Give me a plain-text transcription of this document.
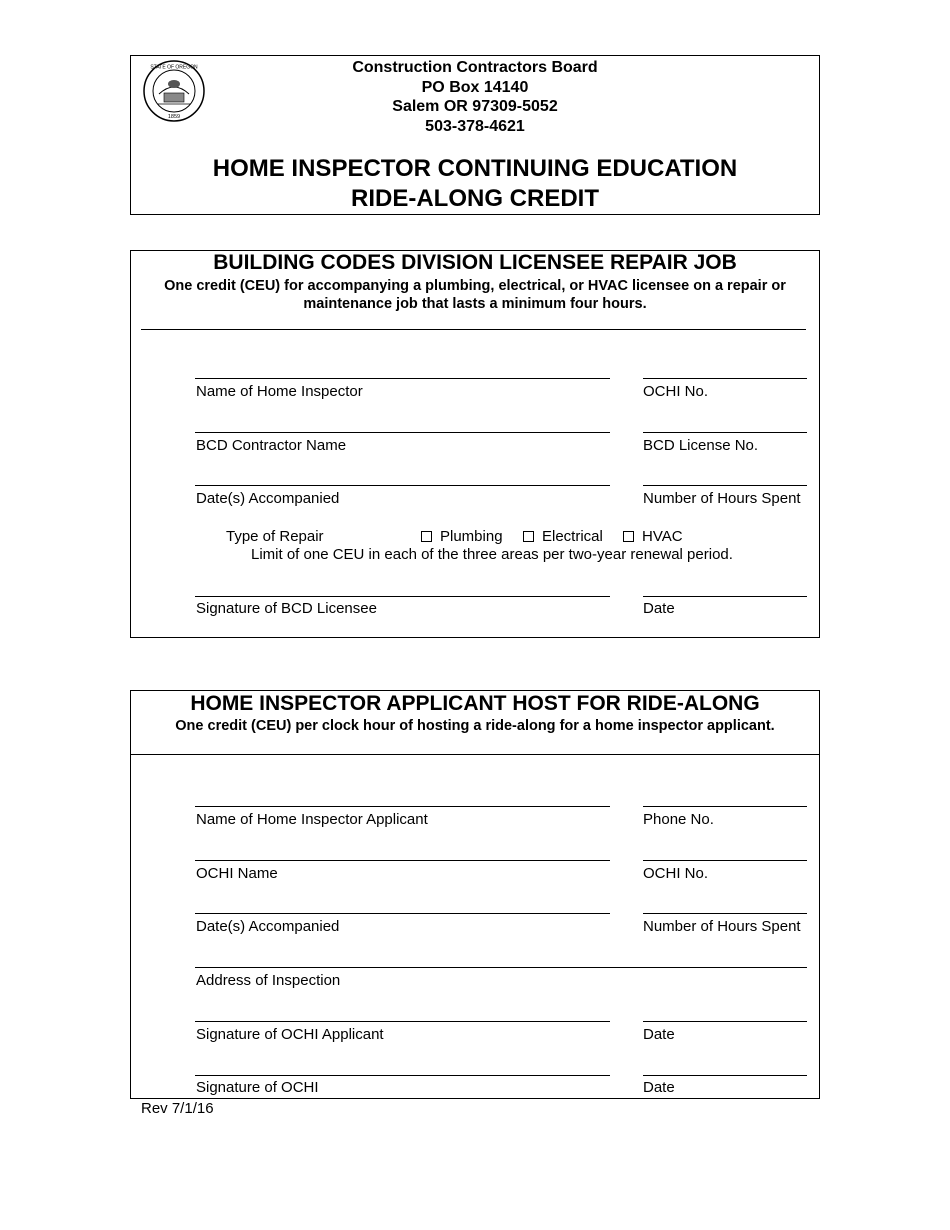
STATE OF OREGON
1859
Construction Contractors Board
PO Box 14140
Salem OR 97309-5052
503-378-4621
HOME INSPECTOR CONTINUING EDUCATION
RIDE-ALONG CREDIT
BUILDING CODES DIVISION LICENSEE REPAIR JOB
One credit (CEU) for accompanying a plumbing, electrical, or HVAC licensee on a repair or
maintenance job that lasts a minimum four hours.
Name of Home Inspector	OCHI No.
BCD Contractor Name	BCD License No.
Date(s) Accompanied	Number of Hours Spent
Type of Repair	Plumbing	Electrical	HVAC
Limit of one CEU in each of the three areas per two-year renewal period.
Signature of BCD Licensee	Date
HOME INSPECTOR APPLICANT HOST FOR RIDE-ALONG
One credit (CEU) per clock hour of hosting a ride-along for a home inspector applicant.
Name of Home Inspector Applicant	Phone No.
OCHI Name	OCHI No.
Date(s) Accompanied	Number of Hours Spent
Address of Inspection
Signature of OCHI Applicant	Date
Signature of OCHI	Date
Rev 7/1/16
